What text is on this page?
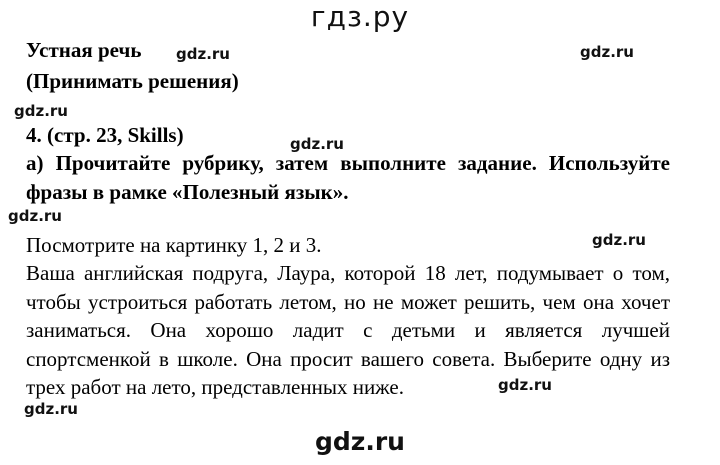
гдз.ру
Устная речь gdz.ru	gdz.ru
(Принимать решения)
gdz.ru
4. (стр. 23, Skills)	gdz.ru
а) Прочитайте рубрику, затем выполните задание. Используйте
фразы в рамке «Полезный язык».
gdz.ru
Посмотрите на картинку 1, 2 и 3.	gdz.ru
Ваша английская подруга, Лаура, которой 18 лет, подумывает о том,
чтобы устроиться работать летом, но не может решить, чем она хочет
заниматься. Она хорошо ладит с детьми и является лучшей
спортсменкой в школе. Она просит вашего совета. Выберите одну из
трех работ на лето, представленных ниже.	gdz.ru
gdz.ru
gdz.ru
